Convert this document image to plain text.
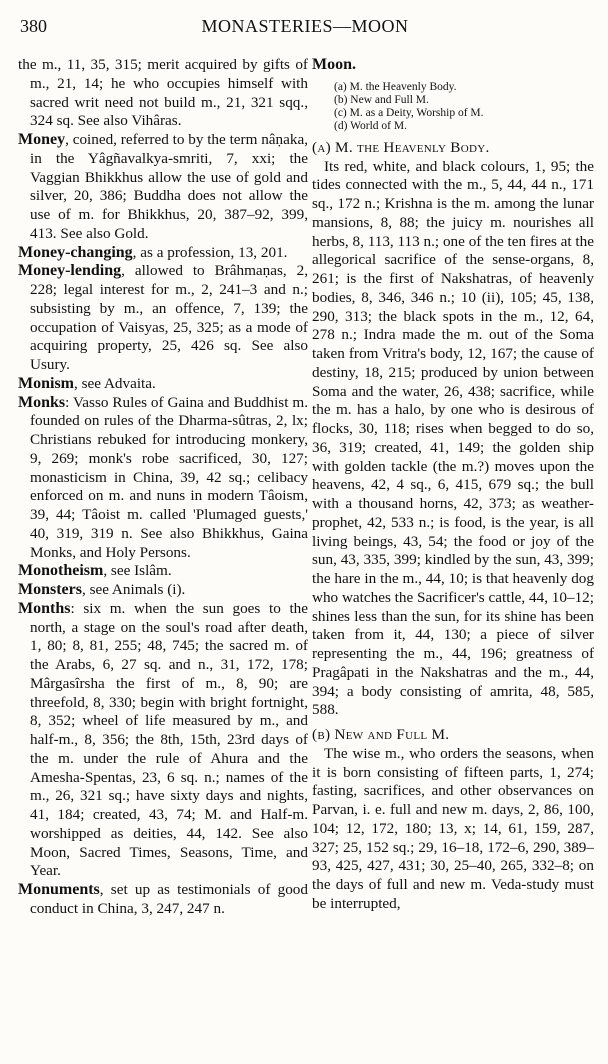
380	MONASTERIES—MOON

the m., 11, 35, 315; merit acquired by gifts of m., 21, 14; he who occupies himself with sacred writ need not build m., 21, 321 sqq., 324 sq. See also Vihâras.

Money, coined, referred to by the term nâṇaka, in the Yâgñavalkya-smriti, 7, xxi; the Vaggian Bhikkhus allow the use of gold and silver, 20, 386; Buddha does not allow the use of m. for Bhikkhus, 20, 387–92, 399, 413. See also Gold.

Money-changing, as a profession, 13, 201.

Money-lending, allowed to Brâhmaṇas, 2, 228; legal interest for m., 2, 241–3 and n.; subsisting by m., an offence, 7, 139; the occupation of Vaisyas, 25, 325; as a mode of acquiring property, 25, 426 sq. See also Usury.

Monism, see Advaita.

Monks: Vasso Rules of Gaina and Buddhist m. founded on rules of the Dharma-sûtras, 2, lx; Christians rebuked for introducing monkery, 9, 269; monk's robe sacrificed, 30, 127; monasticism in China, 39, 42 sq.; celibacy enforced on m. and nuns in modern Tâoism, 39, 44; Tâoist m. called 'Plumaged guests,' 40, 319, 319 n. See also Bhikkhus, Gaina Monks, and Holy Persons.

Monotheism, see Islâm.

Monsters, see Animals (i).

Months: six m. when the sun goes to the north, a stage on the soul's road after death, 1, 80; 8, 81, 255; 48, 745; the sacred m. of the Arabs, 6, 27 sq. and n., 31, 172, 178; Mârgasîrsha the first of m., 8, 90; are threefold, 8, 330; begin with bright fortnight, 8, 352; wheel of life measured by m., and half-m., 8, 356; the 8th, 15th, 23rd days of the m. under the rule of Ahura and the Amesha-Spentas, 23, 6 sq. n.; names of the m., 26, 321 sq.; have sixty days and nights, 41, 184; created, 43, 74; M. and Half-m. worshipped as deities, 44, 142. See also Moon, Sacred Times, Seasons, Time, and Year.

Monuments, set up as testimonials of good conduct in China, 3, 247, 247 n.

Moon.

(a) M. the Heavenly Body.
(b) New and Full M.
(c) M. as a Deity, Worship of M.
(d) World of M.

(a) M. the Heavenly Body.

Its red, white, and black colours, 1, 95; the tides connected with the m., 5, 44, 44 n., 171 sq., 172 n.; Krishna is the m. among the lunar mansions, 8, 88; the juicy m. nourishes all herbs, 8, 113, 113 n.; one of the ten fires at the allegorical sacrifice of the sense-organs, 8, 261; is the first of Nakshatras, of heavenly bodies, 8, 346, 346 n.; 10 (ii), 105; 45, 138, 290, 313; the black spots in the m., 12, 64, 278 n.; Indra made the m. out of the Soma taken from Vritra's body, 12, 167; the cause of destiny, 18, 215; produced by union between Soma and the water, 26, 438; sacrifice, while the m. has a halo, by one who is desirous of flocks, 30, 118; rises when begged to do so, 36, 319; created, 41, 149; the golden ship with golden tackle (the m.?) moves upon the heavens, 42, 4 sq., 6, 415, 679 sq.; the bull with a thousand horns, 42, 373; as weather-prophet, 42, 533 n.; is food, is the year, is all living beings, 43, 54; the food or joy of the sun, 43, 335, 399; kindled by the sun, 43, 399; the hare in the m., 44, 10; is that heavenly dog who watches the Sacrificer's cattle, 44, 10–12; shines less than the sun, for its shine has been taken from it, 44, 130; a piece of silver representing the m., 44, 196; greatness of Pragâpati in the Nakshatras and the m., 44, 394; a body consisting of amrita, 48, 585, 588.

(b) New and Full M.

The wise m., who orders the seasons, when it is born consisting of fifteen parts, 1, 274; fasting, sacrifices, and other observances on Parvan, i. e. full and new m. days, 2, 86, 100, 104; 12, 172, 180; 13, x; 14, 61, 159, 287, 327; 25, 152 sq.; 29, 16–18, 172–6, 290, 389–93, 425, 427, 431; 30, 25–40, 265, 332–8; on the days of full and new m. Veda-study must be interrupted,
